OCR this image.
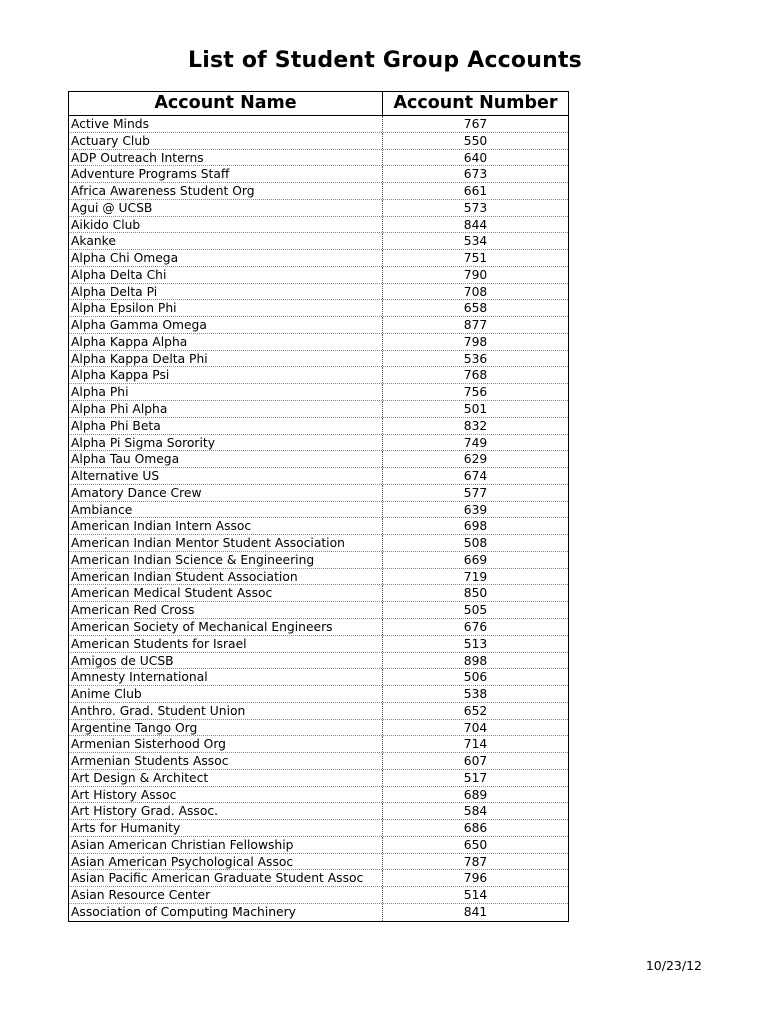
List of Student Group Accounts
Account Name	Account Number
Active Minds	767
Actuary Club	550
ADP Outreach Interns	640
Adventure Programs Staff	673
Africa Awareness Student Org	661
Agui @ UCSB	573
Aikido Club	844
Akanke	534
Alpha Chi Omega	751
Alpha Delta Chi	790
Alpha Delta Pi	708
Alpha Epsilon Phi	658
Alpha Gamma Omega	877
Alpha Kappa Alpha	798
Alpha Kappa Delta Phi	536
Alpha Kappa Psi	768
Alpha Phi	756
Alpha Phi Alpha	501
Alpha Phi Beta	832
Alpha Pi Sigma Sorority	749
Alpha Tau Omega	629
Alternative US	674
Amatory Dance Crew	577
Ambiance	639
American Indian Intern Assoc	698
American Indian Mentor Student Association	508
American Indian Science & Engineering	669
American Indian Student Association	719
American Medical Student Assoc	850
American Red Cross	505
American Society of Mechanical Engineers	676
American Students for Israel	513
Amigos de UCSB	898
Amnesty International	506
Anime Club	538
Anthro. Grad. Student Union	652
Argentine Tango Org	704
Armenian Sisterhood Org	714
Armenian Students Assoc	607
Art Design & Architect	517
Art History Assoc	689
Art History Grad. Assoc.	584
Arts for Humanity	686
Asian American Christian Fellowship	650
Asian American Psychological Assoc	787
Asian Pacific American Graduate Student Assoc	796
Asian Resource Center	514
Association of Computing Machinery	841
10/23/12
